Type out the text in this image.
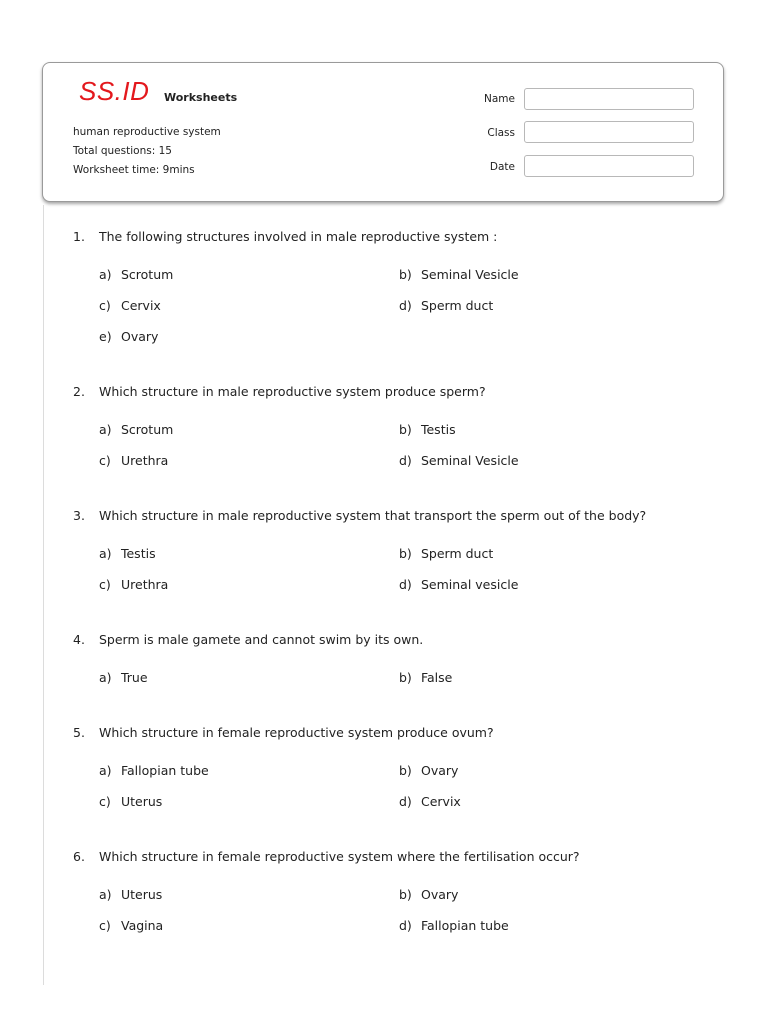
SS.ID Worksheets
human reproductive system
Total questions: 15
Worksheet time: 9mins
Name
Class
Date
1. The following structures involved in male reproductive system :
a) Scrotum	b) Seminal Vesicle
c) Cervix	d) Sperm duct
e) Ovary
2. Which structure in male reproductive system produce sperm?
a) Scrotum	b) Testis
c) Urethra	d) Seminal Vesicle
3. Which structure in male reproductive system that transport the sperm out of the body?
a) Testis	b) Sperm duct
c) Urethra	d) Seminal vesicle
4. Sperm is male gamete and cannot swim by its own.
a) True	b) False
5. Which structure in female reproductive system produce ovum?
a) Fallopian tube	b) Ovary
c) Uterus	d) Cervix
6. Which structure in female reproductive system where the fertilisation occur?
a) Uterus	b) Ovary
c) Vagina	d) Fallopian tube
